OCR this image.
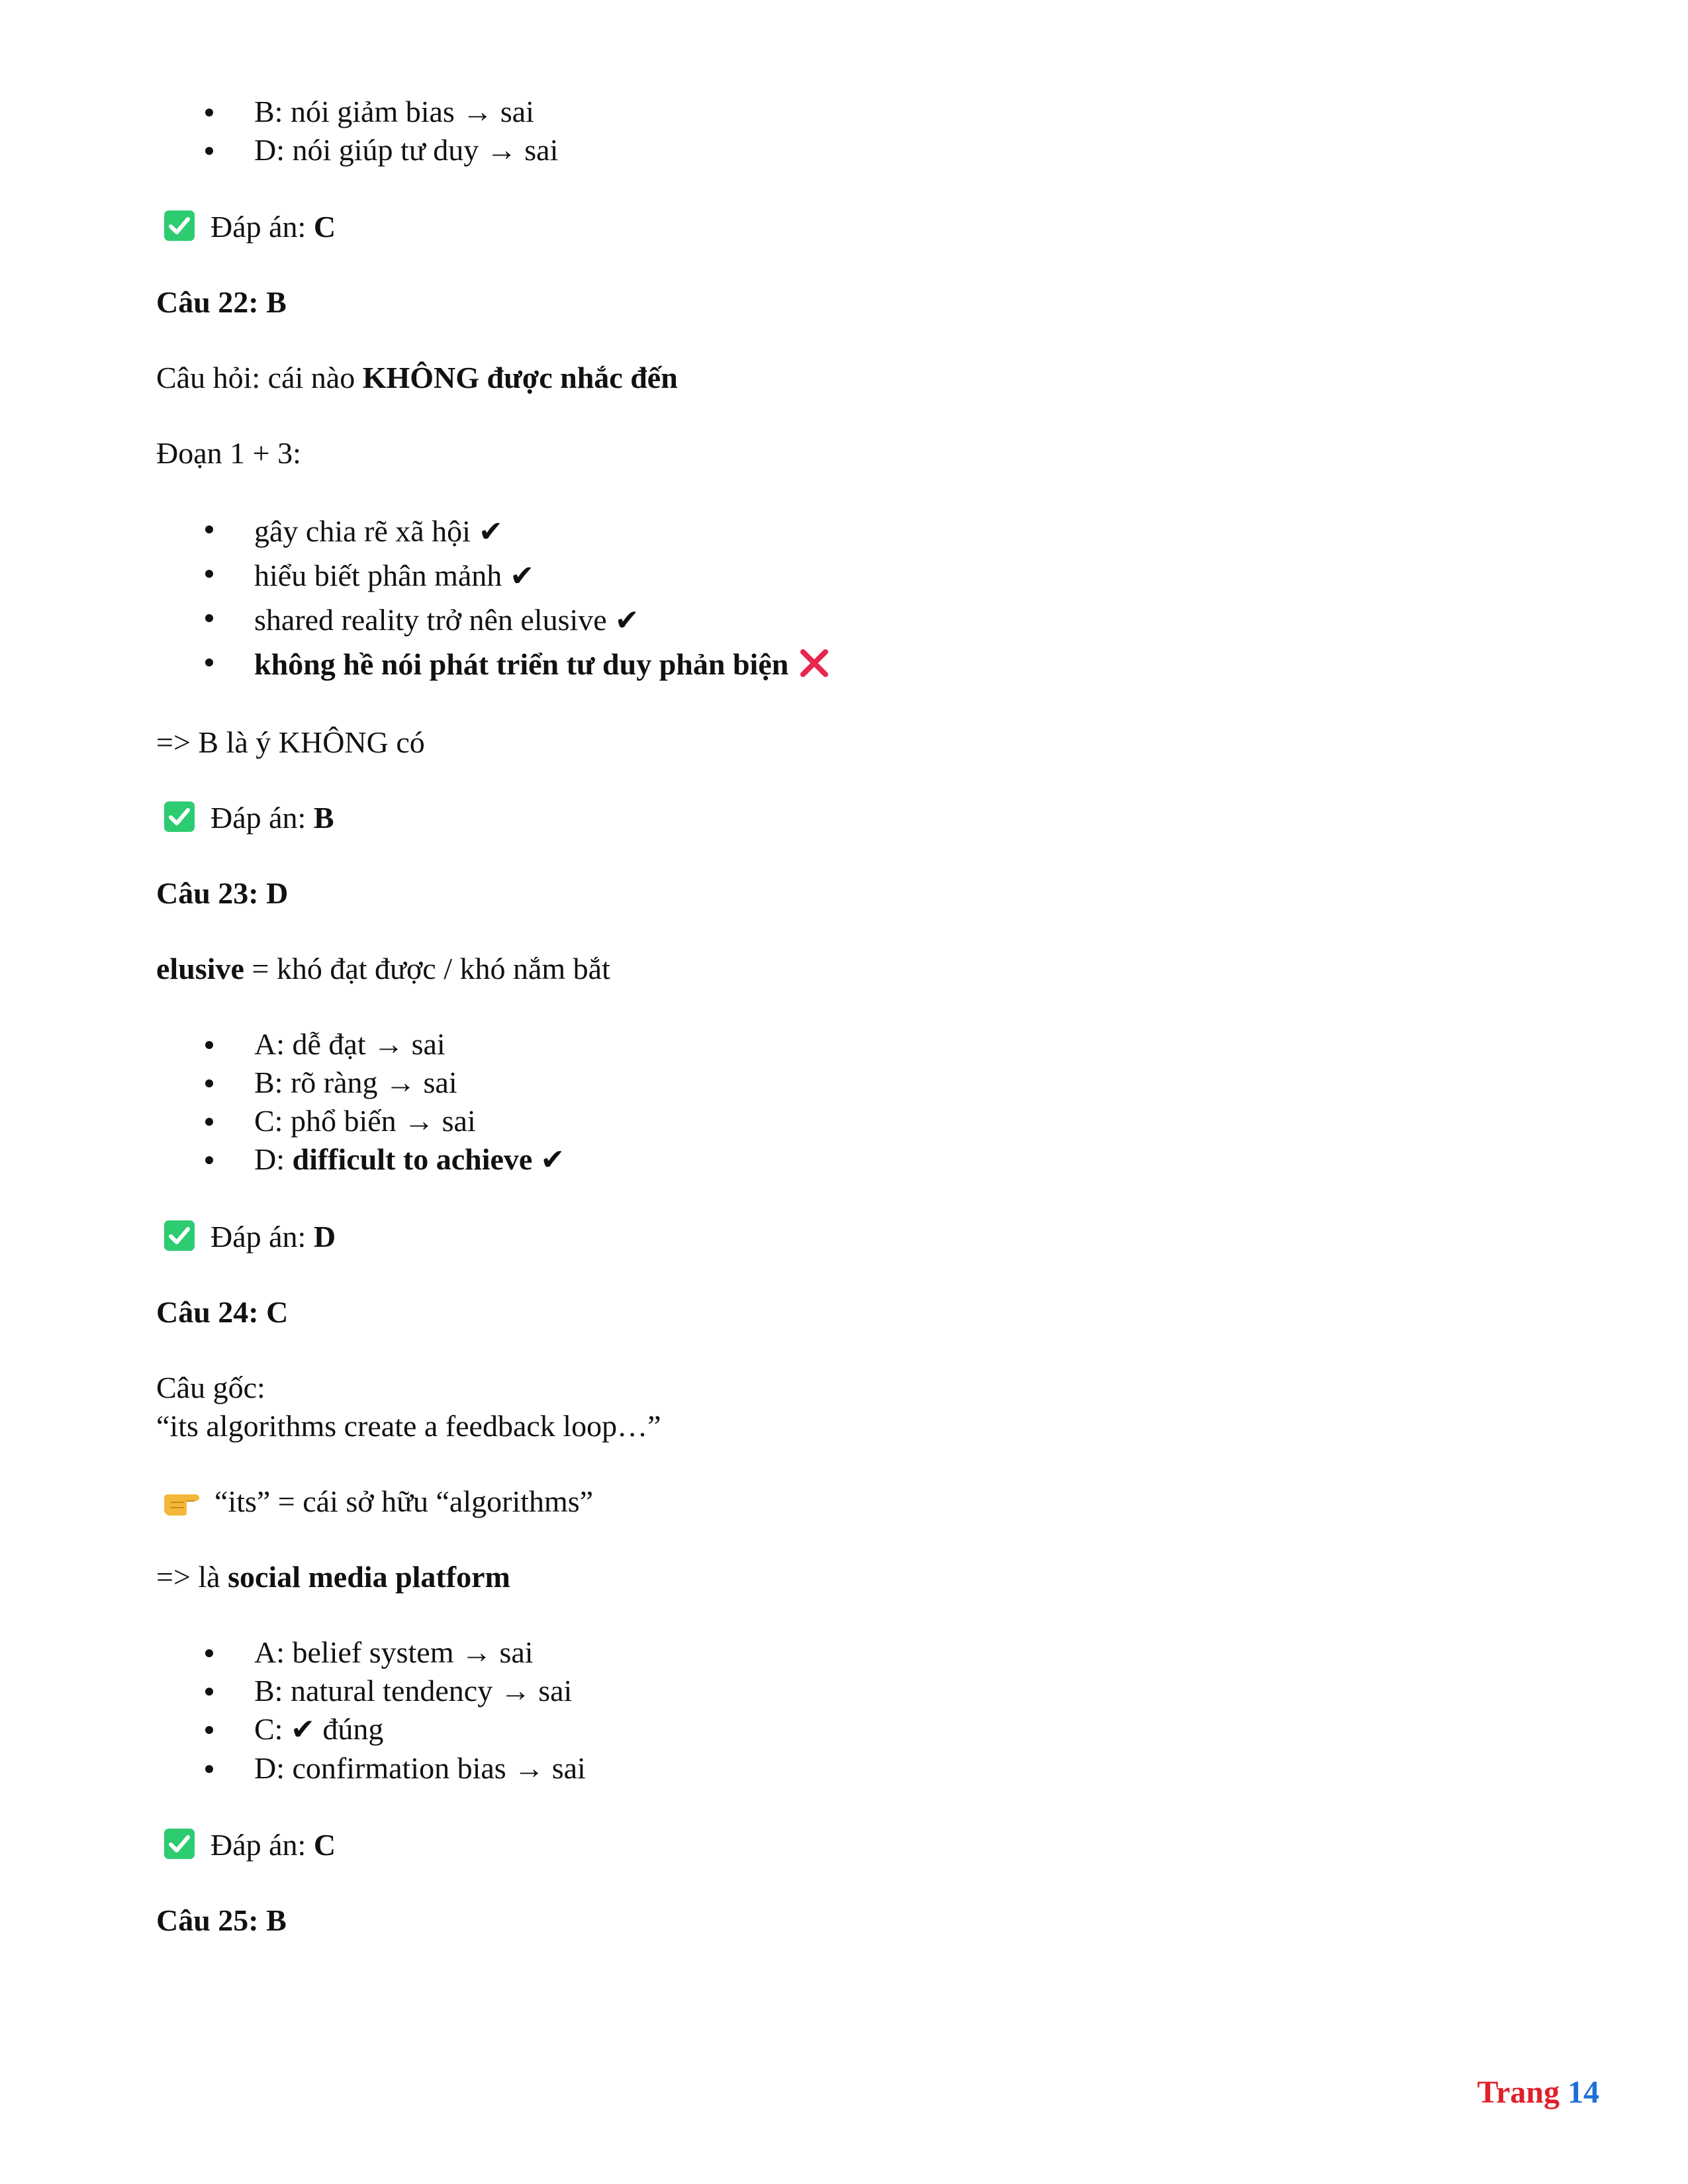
B: nói giảm bias → sai
D: nói giúp tư duy → sai
Đáp án: C
Câu 22: B
Câu hỏi: cái nào KHÔNG được nhắc đến
Đoạn 1 + 3:
gây chia rẽ xã hội ✔
hiểu biết phân mảnh ✔
shared reality trở nên elusive ✔
không hề nói phát triển tư duy phản biện
=> B là ý KHÔNG có
Đáp án: B
Câu 23: D
elusive = khó đạt được / khó nắm bắt
A: dễ đạt → sai
B: rõ ràng → sai
C: phổ biến → sai
D: difficult to achieve ✔
Đáp án: D
Câu 24: C
Câu gốc:
“its algorithms create a feedback loop…”
“its” = cái sở hữu “algorithms”
=> là social media platform
A: belief system → sai
B: natural tendency → sai
C: ✔ đúng
D: confirmation bias → sai
Đáp án: C
Câu 25: B
Trang 14
